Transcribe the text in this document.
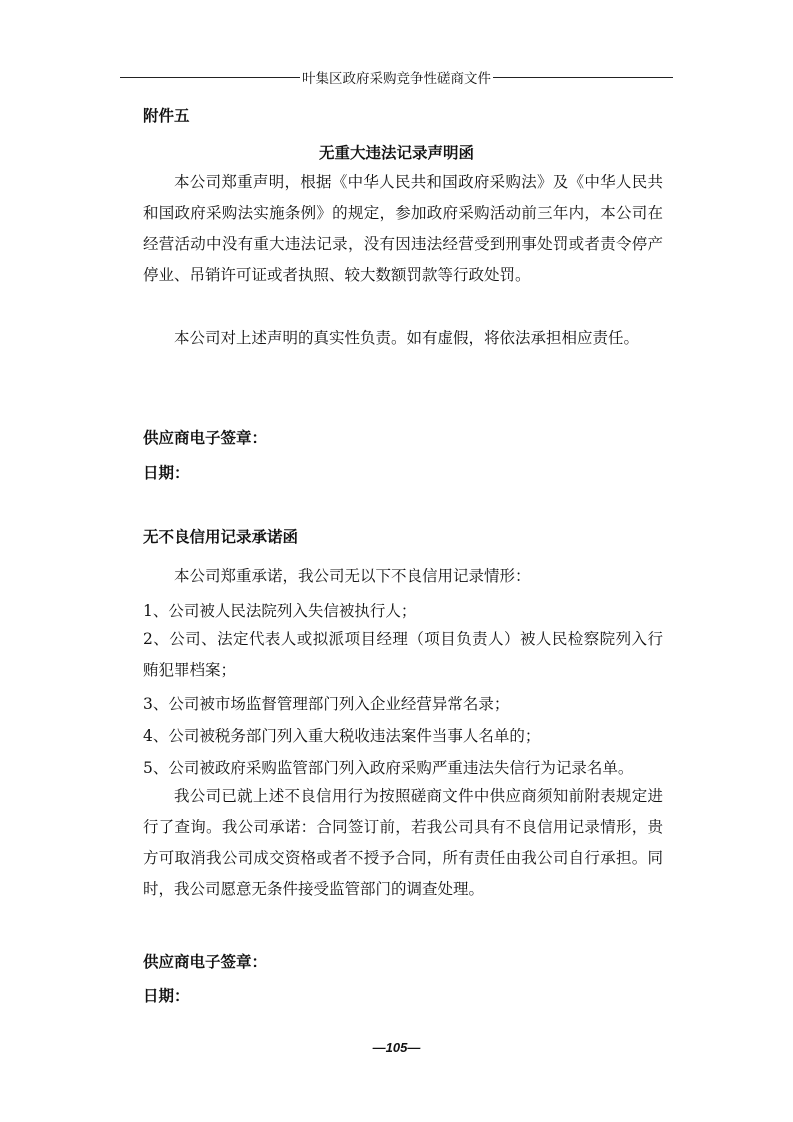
叶集区政府采购竞争性磋商文件
附件五
无重大违法记录声明函

本公司郑重声明，根据《中华人民共和国政府采购法》及《中华人民共和国政府采购法实施条例》的规定，参加政府采购活动前三年内，本公司在经营活动中没有重大违法记录，没有因违法经营受到刑事处罚或者责令停产停业、吊销许可证或者执照、较大数额罚款等行政处罚。

本公司对上述声明的真实性负责。如有虚假，将依法承担相应责任。

供应商电子签章：
日期：
无不良信用记录承诺函

本公司郑重承诺，我公司无以下不良信用记录情形：

1、公司被人民法院列入失信被执行人；

2、公司、法定代表人或拟派项目经理（项目负责人）被人民检察院列入行贿犯罪档案；

3、公司被市场监督管理部门列入企业经营异常名录；
4、公司被税务部门列入重大税收违法案件当事人名单的；
5、公司被政府采购监管部门列入政府采购严重违法失信行为记录名单。

我公司已就上述不良信用行为按照磋商文件中供应商须知前附表规定进行了查询。我公司承诺：合同签订前，若我公司具有不良信用记录情形，贵方可取消我公司成交资格或者不授予合同，所有责任由我公司自行承担。同时，我公司愿意无条件接受监管部门的调查处理。

供应商电子签章：
日期：
—105—
